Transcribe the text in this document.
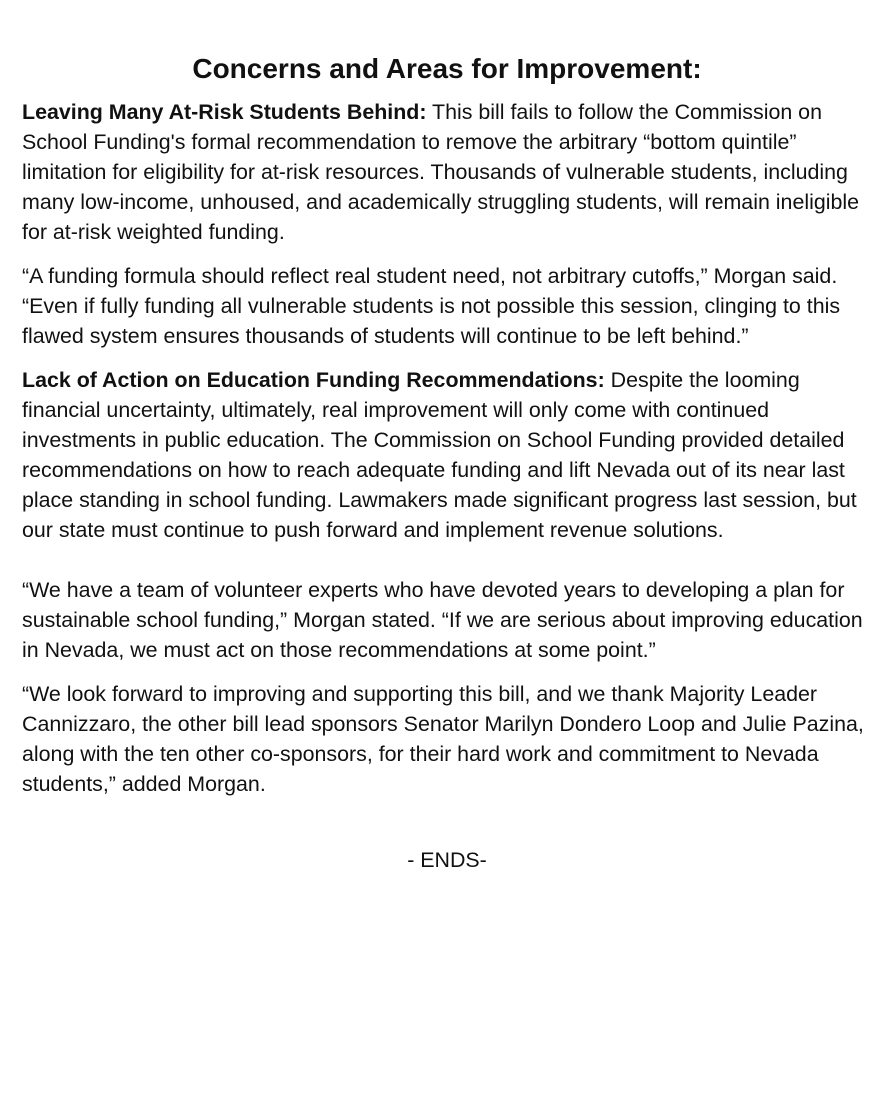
Concerns and Areas for Improvement:

Leaving Many At-Risk Students Behind: This bill fails to follow the Commission on School Funding's formal recommendation to remove the arbitrary “bottom quintile” limitation for eligibility for at-risk resources. Thousands of vulnerable students, including many low-income, unhoused, and academically struggling students, will remain ineligible for at-risk weighted funding.

“A funding formula should reflect real student need, not arbitrary cutoffs,” Morgan said. “Even if fully funding all vulnerable students is not possible this session, clinging to this flawed system ensures thousands of students will continue to be left behind.”

Lack of Action on Education Funding Recommendations: Despite the looming financial uncertainty, ultimately, real improvement will only come with continued investments in public education. The Commission on School Funding provided detailed recommendations on how to reach adequate funding and lift Nevada out of its near last place standing in school funding. Lawmakers made significant progress last session, but our state must continue to push forward and implement revenue solutions.

“We have a team of volunteer experts who have devoted years to developing a plan for sustainable school funding,” Morgan stated. “If we are serious about improving education in Nevada, we must act on those recommendations at some point.”

“We look forward to improving and supporting this bill, and we thank Majority Leader Cannizzaro, the other bill lead sponsors Senator Marilyn Dondero Loop and Julie Pazina, along with the ten other co-sponsors, for their hard work and commitment to Nevada students,” added Morgan.

- ENDS-
